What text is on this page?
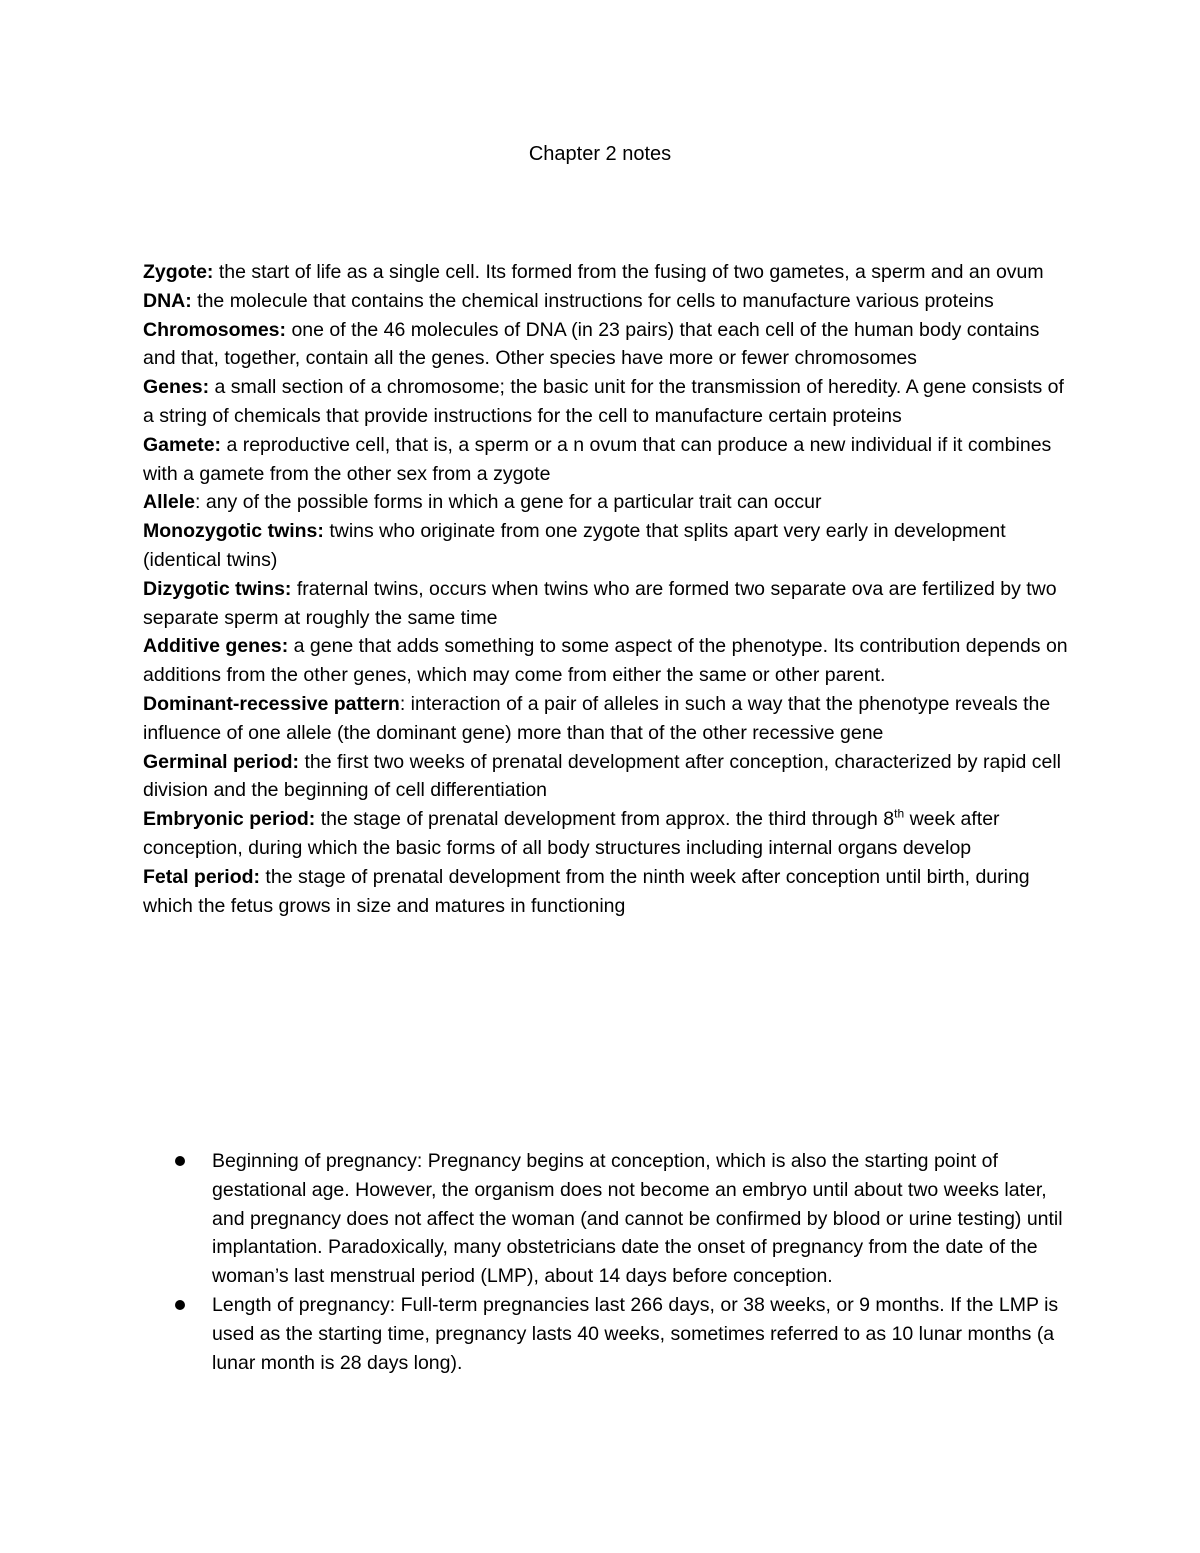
Chapter 2 notes

Zygote: the start of life as a single cell. Its formed from the fusing of two gametes, a sperm and an ovum

DNA: the molecule that contains the chemical instructions for cells to manufacture various proteins

Chromosomes: one of the 46 molecules of DNA (in 23 pairs) that each cell of the human body contains and that, together, contain all the genes. Other species have more or fewer chromosomes

Genes: a small section of a chromosome; the basic unit for the transmission of heredity. A gene consists of a string of chemicals that provide instructions for the cell to manufacture certain proteins

Gamete: a reproductive cell, that is, a sperm or a n ovum that can produce a new individual if it combines with a gamete from the other sex from a zygote

Allele: any of the possible forms in which a gene for a particular trait can occur

Monozygotic twins: twins who originate from one zygote that splits apart very early in development (identical twins)

Dizygotic twins: fraternal twins, occurs when twins who are formed two separate ova are fertilized by two separate sperm at roughly the same time

Additive genes: a gene that adds something to some aspect of the phenotype. Its contribution depends on additions from the other genes, which may come from either the same or other parent.

Dominant-recessive pattern: interaction of a pair of alleles in such a way that the phenotype reveals the influence of one allele (the dominant gene) more than that of the other recessive gene

Germinal period: the first two weeks of prenatal development after conception, characterized by rapid cell division and the beginning of cell differentiation

Embryonic period: the stage of prenatal development from approx. the third through 8th week after conception, during which the basic forms of all body structures including internal organs develop

Fetal period: the stage of prenatal development from the ninth week after conception until birth, during which the fetus grows in size and matures in functioning

Beginning of pregnancy: Pregnancy begins at conception, which is also the starting point of gestational age. However, the organism does not become an embryo until about two weeks later, and pregnancy does not affect the woman (and cannot be confirmed by blood or urine testing) until implantation. Paradoxically, many obstetricians date the onset of pregnancy from the date of the woman’s last menstrual period (LMP), about 14 days before conception.
Length of pregnancy: Full-term pregnancies last 266 days, or 38 weeks, or 9 months. If the LMP is used as the starting time, pregnancy lasts 40 weeks, sometimes referred to as 10 lunar months (a lunar month is 28 days long).
